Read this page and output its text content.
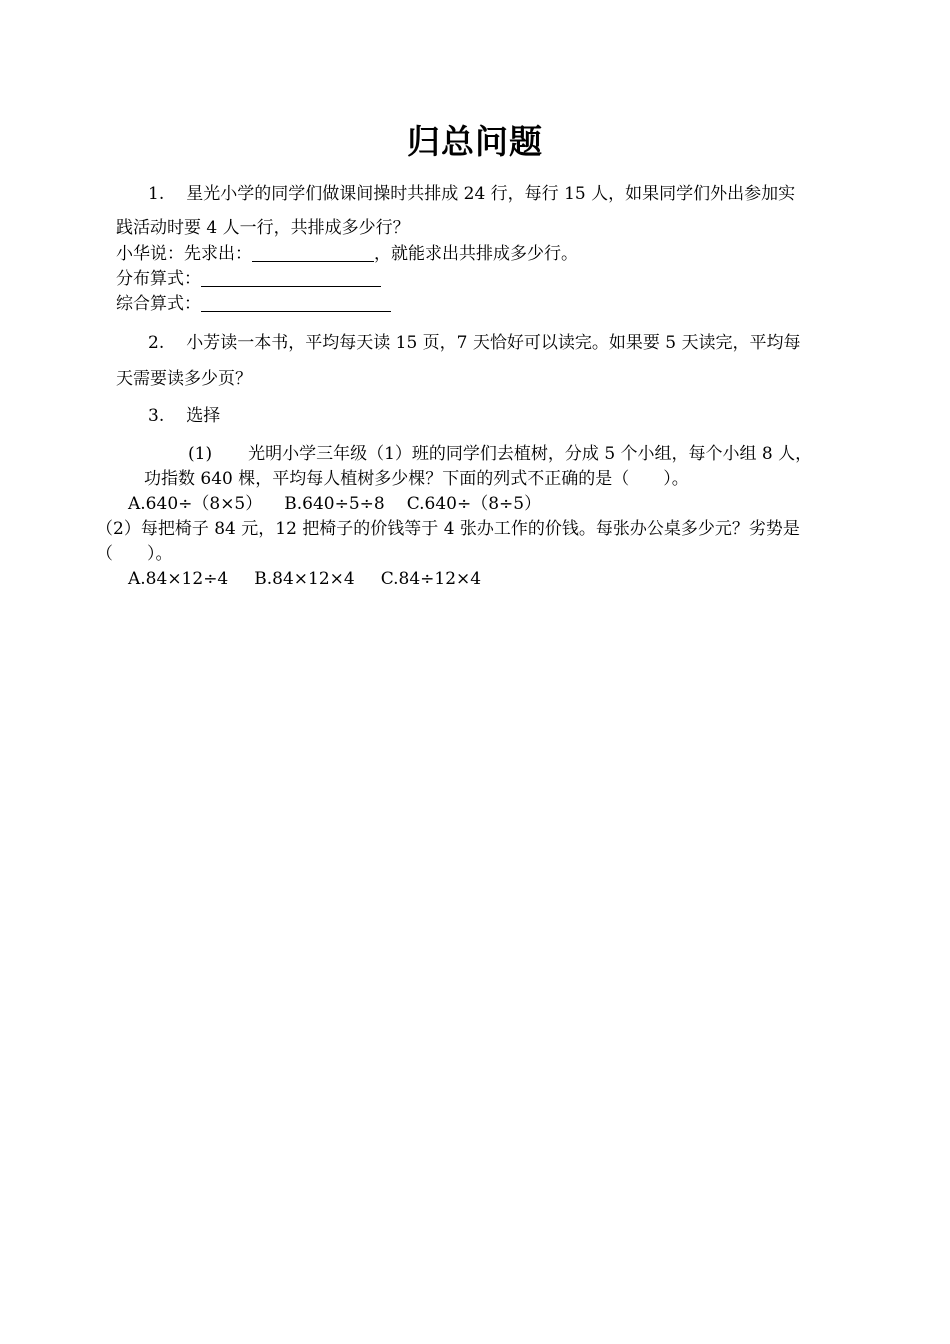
归总问题
1. 星光小学的同学们做课间操时共排成 24 行，每行 15 人，如果同学们外出参加实
践活动时要 4 人一行，共排成多少行？
小华说：先求出：	，就能求出共排成多少行。
分布算式：
综合算式：
2. 小芳读一本书，平均每天读 15 页，7 天恰好可以读完。如果要 5 天读完，平均每
天需要读多少页？
3. 选择
(1) 光明小学三年级（1）班的同学们去植树，分成 5 个小组，每个小组 8 人，
功指数 640 棵，平均每人植树多少棵？下面的列式不正确的是（　　）。
A.640÷（8×5） B.640÷5÷8 C.640÷（8÷5）
（2）每把椅子 84 元，12 把椅子的价钱等于 4 张办工作的价钱。每张办公桌多少元？劣势是
（　　）。
A.84×12÷4 B.84×12×4 C.84÷12×4
